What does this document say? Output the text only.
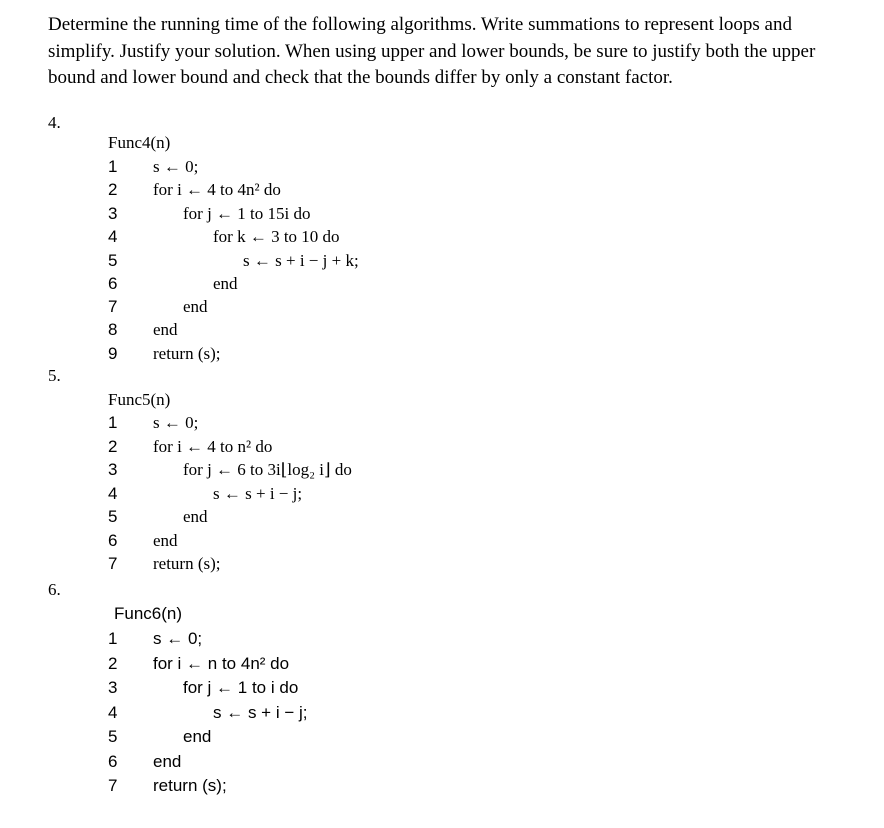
Determine the running time of the following algorithms. Write summations to represent loops and simplify. Justify your solution. When using upper and lower bounds, be sure to justify both the upper bound and lower bound and check that the bounds differ by only a constant factor.
4.
Func4(n)
1 s ← 0;
2 for i ← 4 to 4n² do
3	for j ← 1 to 15i do
4	for k ← 3 to 10 do
5	s ← s + i − j + k;
6	end
7	end
8 end
9 return (s);
5.
Func5(n)
1 s ← 0;
2 for i ← 4 to n² do
3	for j ← 6 to 3i⌊log₂ i⌋ do
4	s ← s + i − j;
5	end
6 end
7 return (s);
6.
Func6(n)
1 s ← 0;
2 for i ← n to 4n² do
3	for j ← 1 to i do
4	s ← s + i − j;
5	end
6 end
7 return (s);
